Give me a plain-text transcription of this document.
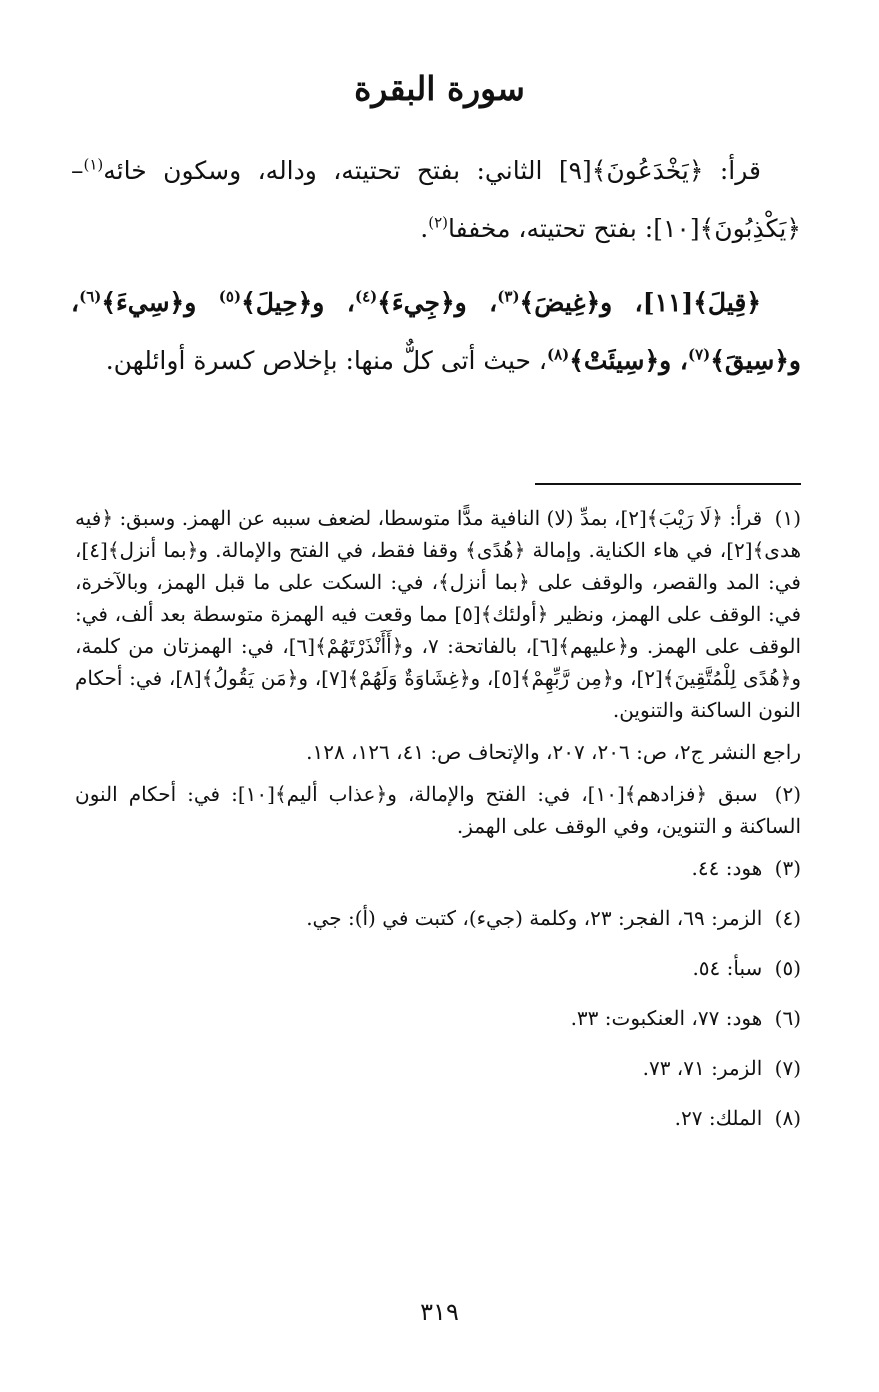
سورة البقرة

قرأ: ﴿يَخْدَعُونَ﴾[٩] الثاني: بفتح تحتيته، وداله، وسكون خائه$^{(١)}$– ﴿يَكْذِبُونَ﴾[١٠]: بفتح تحتيته، مخففا$^{(٢)}$.

﴿قِيلَ﴾[١١]، و﴿غِيضَ﴾$^{(٣)}$، و﴿جِيءَ﴾$^{(٤)}$، و﴿حِيلَ﴾$^{(٥)}$ و﴿سِيءَ﴾$^{(٦)}$، و﴿سِيقَ﴾$^{(٧)}$، و﴿سِيئَتْ﴾$^{(٨)}$، حيث أتى كلٌّ منها: بإخلاص كسرة أوائلهن.

(١) قرأ: ﴿لَا رَيْبَ﴾[٢]، بمدِّ (لا) النافية مدًّا متوسطا، لضعف سببه عن الهمز. وسبق: ﴿فيه هدى﴾[٢]، في هاء الكناية. وإمالة ﴿هُدًى﴾ وقفا فقط، في الفتح والإمالة. و﴿بما أنزل﴾[٤]، في: المد والقصر، والوقف على ﴿بما أنزل﴾، في: السكت على ما قبل الهمز، وبالآخرة، في: الوقف على الهمز، ونظير ﴿أولئك﴾[٥] مما وقعت فيه الهمزة متوسطة بعد ألف، في: الوقف على الهمز. و﴿عليهم﴾[٦]، بالفاتحة: ٧، و﴿أَأَنْذَرْتَهُمْ﴾[٦]، في: الهمزتان من كلمة، و﴿هُدًى لِلْمُتَّقِينَ﴾[٢]، و﴿مِن رَّبِّهِمْ﴾[٥]، و﴿غِشَاوَةٌ وَلَهُمْ﴾[٧]، و﴿مَن يَقُولُ﴾[٨]، في: أحكام النون الساكنة والتنوين.
راجع النشر ج٢، ص: ٢٠٦، ٢٠٧، والإتحاف ص: ٤١، ١٢٦، ١٢٨.
(٢) سبق ﴿فزادهم﴾[١٠]، في: الفتح والإمالة، و﴿عذاب أليم﴾[١٠]: في: أحكام النون الساكنة و التنوين، وفي الوقف على الهمز.
(٣) هود: ٤٤.
(٤) الزمر: ٦٩، الفجر: ٢٣، وكلمة (جيء)، كتبت في (أ): جي.
(٥) سبأ: ٥٤.
(٦) هود: ٧٧، العنكبوت: ٣٣.
(٧) الزمر: ٧١، ٧٣.
(٨) الملك: ٢٧.
٣١٩
